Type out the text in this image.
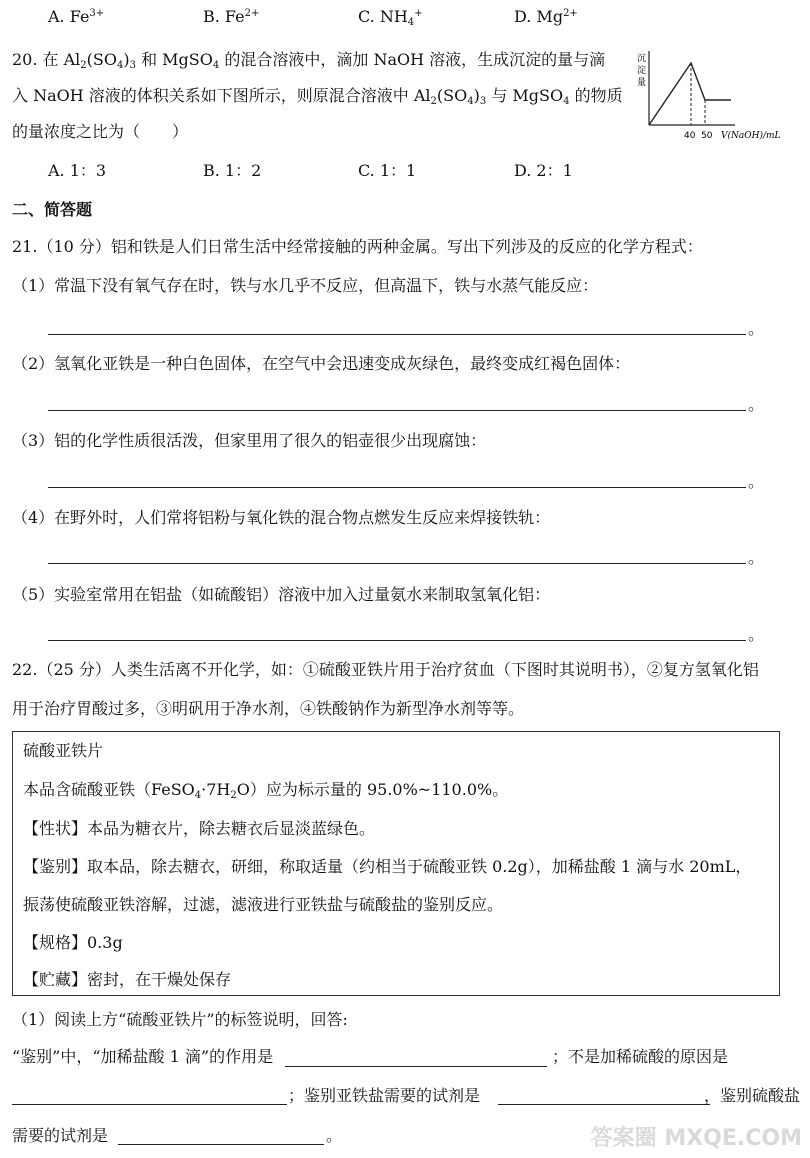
A. $Fe^{3+}$	B. $Fe^{2+}$	C. $NH_4^+$	D. $Mg^{2+}$
20. 在 $Al_2(SO_4)_3$ 和 MgSO$_4$ 的混合溶液中，滴加 NaOH 溶液，生成沉淀的量与滴
入 NaOH 溶液的体积关系如下图所示，则原混合溶液中 $Al_2(SO_4)_3$ 与 MgSO$_4$ 的物质
的量浓度之比为（　　）
沉
淀
量
40 50 V(NaOH)/mL
A. 1：3	B. 1：2	C. 1：1	D. 2：1
二、简答题
21.（10 分）铝和铁是人们日常生活中经常接触的两种金属。写出下列涉及的反应的化学方程式：
（1）常温下没有氧气存在时，铁与水几乎不反应，但高温下，铁与水蒸气能反应：
。
（2）氢氧化亚铁是一种白色固体，在空气中会迅速变成灰绿色，最终变成红褐色固体：
。
（3）铝的化学性质很活泼，但家里用了很久的铝壶很少出现腐蚀：
。
（4）在野外时，人们常将铝粉与氧化铁的混合物点燃发生反应来焊接铁轨：
。
（5）实验室常用在铝盐（如硫酸铝）溶液中加入过量氨水来制取氢氧化铝：
。
22.（25 分）人类生活离不开化学，如：①硫酸亚铁片用于治疗贫血（下图时其说明书），②复方氢氧化铝
用于治疗胃酸过多，③明矾用于净水剂，④铁酸钠作为新型净水剂等等。
硫酸亚铁片
本品含硫酸亚铁$(FeSO_4\cdot 7H_2O)$应为标示量的 95.0%~110.0%。
【性状】本品为糖衣片，除去糖衣后显淡蓝绿色。
【鉴别】取本品，除去糖衣，研细，称取适量（约相当于硫酸亚铁 0.2g），加稀盐酸 1 滴与水 20mL，
振荡使硫酸亚铁溶解，过滤，滤液进行亚铁盐与硫酸盐的鉴别反应。
【规格】0.3g
【贮藏】密封，在干燥处保存
（1）阅读上方“硫酸亚铁片”的标签说明，回答:
“鉴别”中，“加稀盐酸 1 滴”的作用是	；不是加稀硫酸的原因是
；鉴别亚铁盐需要的试剂是	，鉴别硫酸盐
需要的试剂是	。	答案圈 MXQE.COM
